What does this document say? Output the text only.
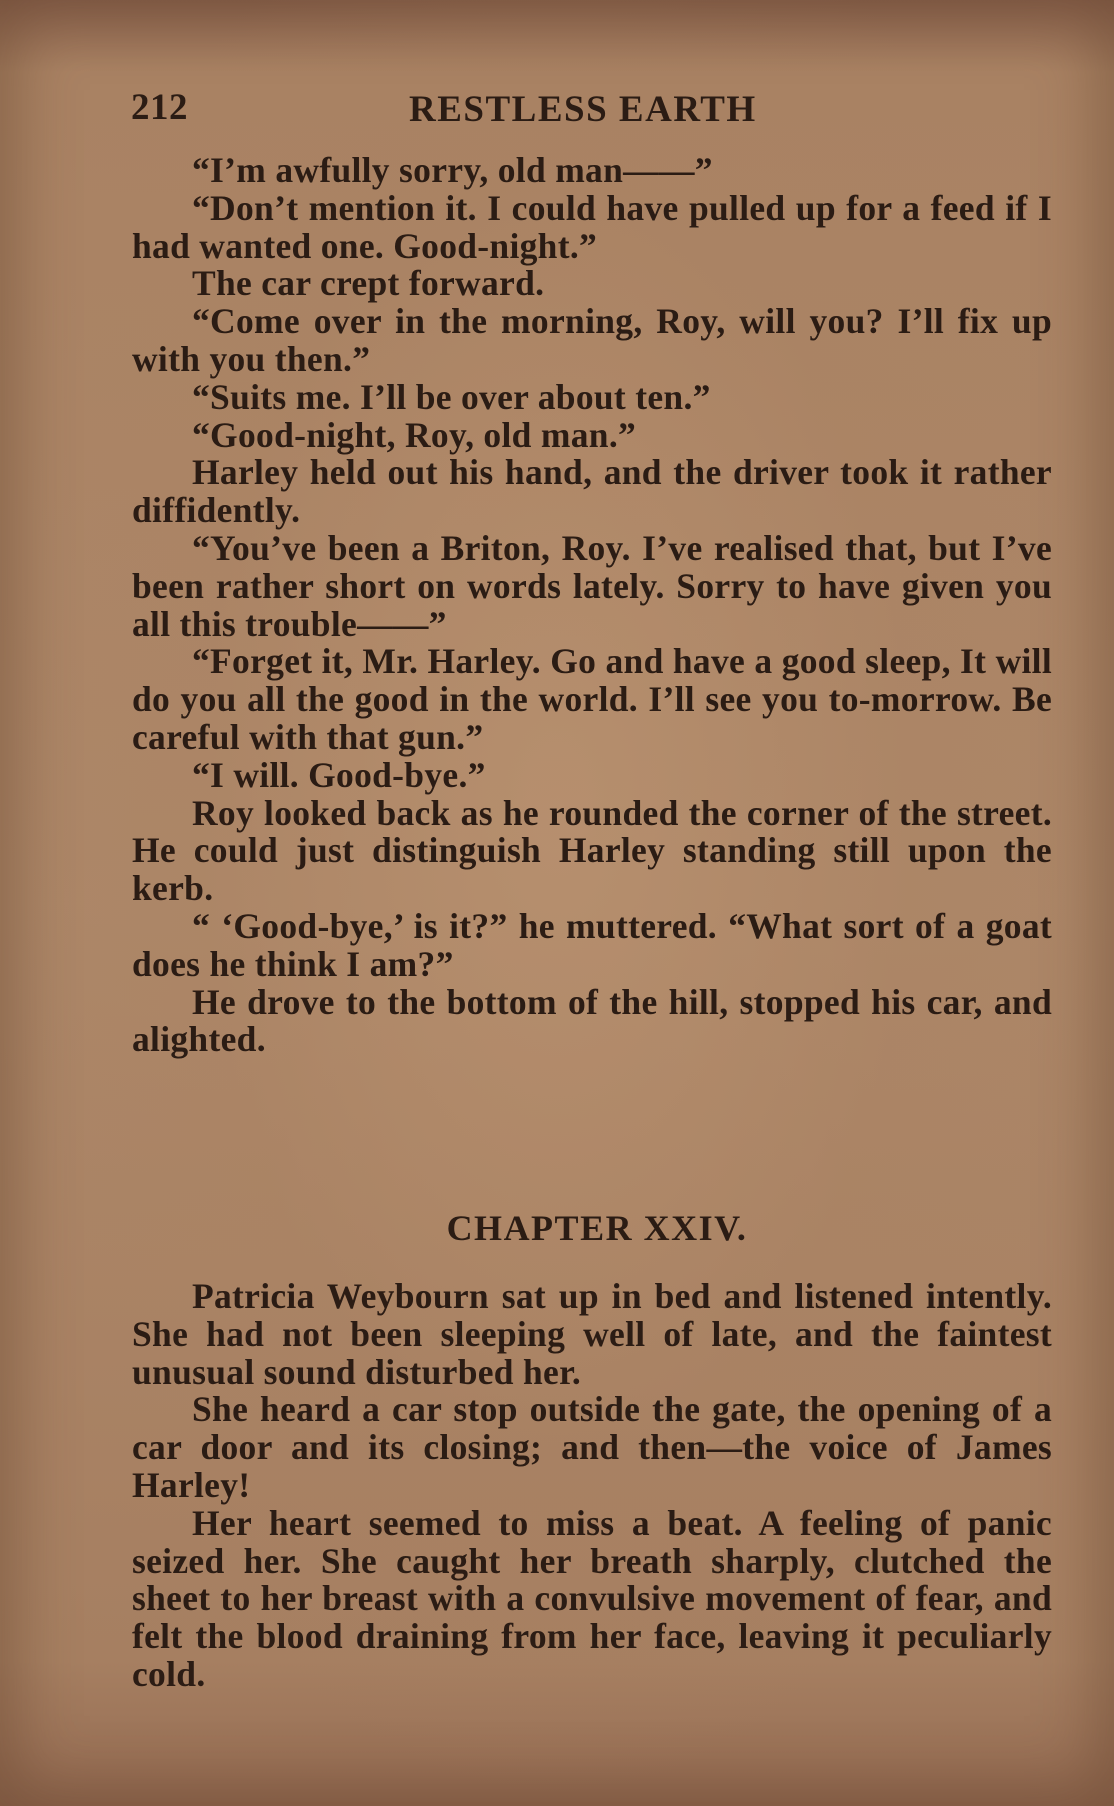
212	RESTLESS EARTH

“I’m awfully sorry, old man——”

“Don’t mention it. I could have pulled up for a feed if I had wanted one. Good-night.”

The car crept forward.

“Come over in the morning, Roy, will you? I’ll fix up with you then.”

“Suits me. I’ll be over about ten.”

“Good-night, Roy, old man.”

Harley held out his hand, and the driver took it rather diffidently.

“You’ve been a Briton, Roy. I’ve realised that, but I’ve been rather short on words lately. Sorry to have given you all this trouble——”

“Forget it, Mr. Harley. Go and have a good sleep, It will do you all the good in the world. I’ll see you to-morrow. Be careful with that gun.”

“I will. Good-bye.”

Roy looked back as he rounded the corner of the street. He could just distinguish Harley standing still upon the kerb.

“ ‘Good-bye,’ is it?” he muttered. “What sort of a goat does he think I am?”

He drove to the bottom of the hill, stopped his car, and alighted.

CHAPTER XXIV.

Patricia Weybourn sat up in bed and listened intently. She had not been sleeping well of late, and the faintest unusual sound disturbed her.

She heard a car stop outside the gate, the opening of a car door and its closing; and then—the voice of James Harley!

Her heart seemed to miss a beat. A feeling of panic seized her. She caught her breath sharply, clutched the sheet to her breast with a convulsive movement of fear, and felt the blood draining from her face, leaving it peculiarly cold.
